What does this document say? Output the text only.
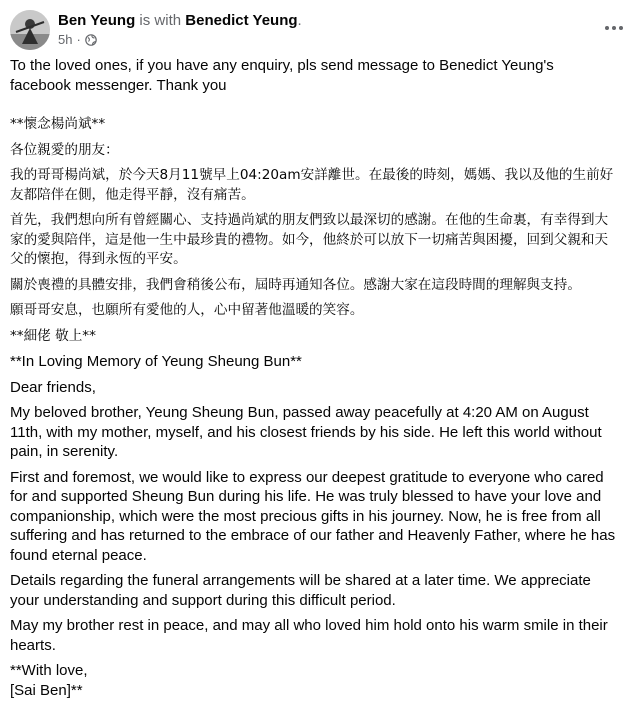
Ben Yeung is with Benedict Yeung.
5h ·

To the loved ones, if you have any enquiry, pls send message to Benedict Yeung's facebook messenger. Thank you

**懷念楊尚斌**

各位親愛的朋友：

我的哥哥楊尚斌，於今天8月11號早上04:20am安詳離世。在最後的時刻，媽媽、我以及他的生前好友都陪伴在側，他走得平靜，沒有痛苦。

首先，我們想向所有曾經關心、支持過尚斌的朋友們致以最深切的感謝。在他的生命裏，有幸得到大家的愛與陪伴，這是他一生中最珍貴的禮物。如今，他終於可以放下一切痛苦與困擾，回到父親和天父的懷抱，得到永恆的平安。

關於喪禮的具體安排，我們會稍後公布，屆時再通知各位。感謝大家在這段時間的理解與支持。

願哥哥安息，也願所有愛他的人，心中留著他溫暖的笑容。

**細佬 敬上**

**In Loving Memory of Yeung Sheung Bun**

Dear friends,

My beloved brother, Yeung Sheung Bun, passed away peacefully at 4:20 AM on August 11th, with my mother, myself, and his closest friends by his side. He left this world without pain, in serenity.

First and foremost, we would like to express our deepest gratitude to everyone who cared for and supported Sheung Bun during his life. He was truly blessed to have your love and companionship, which were the most precious gifts in his journey. Now, he is free from all suffering and has returned to the embrace of our father and Heavenly Father, where he has found eternal peace.

Details regarding the funeral arrangements will be shared at a later time. We appreciate your understanding and support during this difficult period.

May my brother rest in peace, and may all who loved him hold onto his warm smile in their hearts.

**With love,

[Sai Ben]**
